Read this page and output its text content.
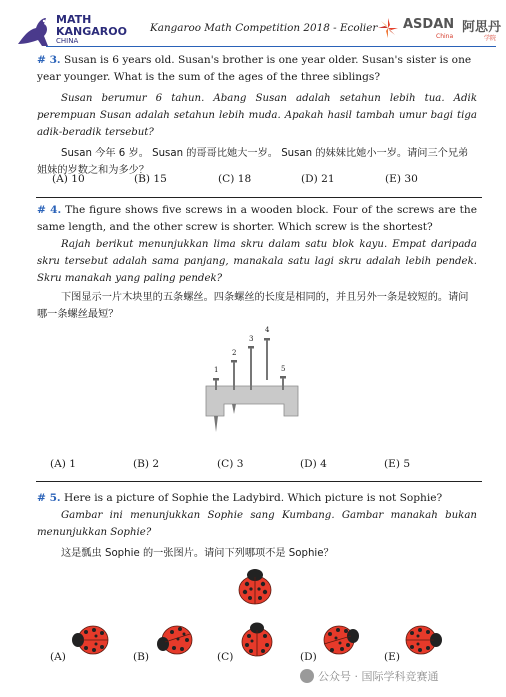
MATH
KANGAROO
CHINA
Kangaroo Math Competition 2018 - Ecolier ASDAN 阿思丹
China	学院
# 3. Susan is 6 years old. Susan's brother is one year older. Susan's sister is one year younger. What is the sum of the ages of the three siblings?
Susan berumur 6 tahun. Abang Susan adalah setahun lebih tua. Adik perempuan Susan adalah setahun lebih muda. Apakah hasil tambah umur bagi tiga adik-beradik tersebut?
Susan 今年 6 岁。 Susan 的哥哥比她大一岁。 Susan 的妹妹比她小一岁。请问三个兄弟姐妹的岁数之和为多少？
(A) 10	(B) 15	(C) 18	(D) 21	(E) 30
# 4. The figure shows five screws in a wooden block. Four of the screws are the same length, and the other screw is shorter. Which screw is the shortest?
Rajah berikut menunjukkan lima skru dalam satu blok kayu. Empat daripada skru tersebut adalah sama panjang, manakala satu lagi skru adalah lebih pendek. Skru manakah yang paling pendek?
下图显示一片木块里的五条螺丝。四条螺丝的长度是相同的，并且另外一条是较短的。请问哪一条螺丝最短？
1
2
3
4
5
(A) 1	(B) 2	(C) 3	(D) 4	(E) 5
# 5. Here is a picture of Sophie the Ladybird. Which picture is not Sophie?
Gambar ini menunjukkan Sophie sang Kumbang. Gambar manakah bukan menunjukkan Sophie?
这是瓢虫 Sophie 的一张图片。请问下列哪项不是 Sophie？
(A)	(B)	(C)	(D)	(E)
公众号 · 国际学科竞赛通
